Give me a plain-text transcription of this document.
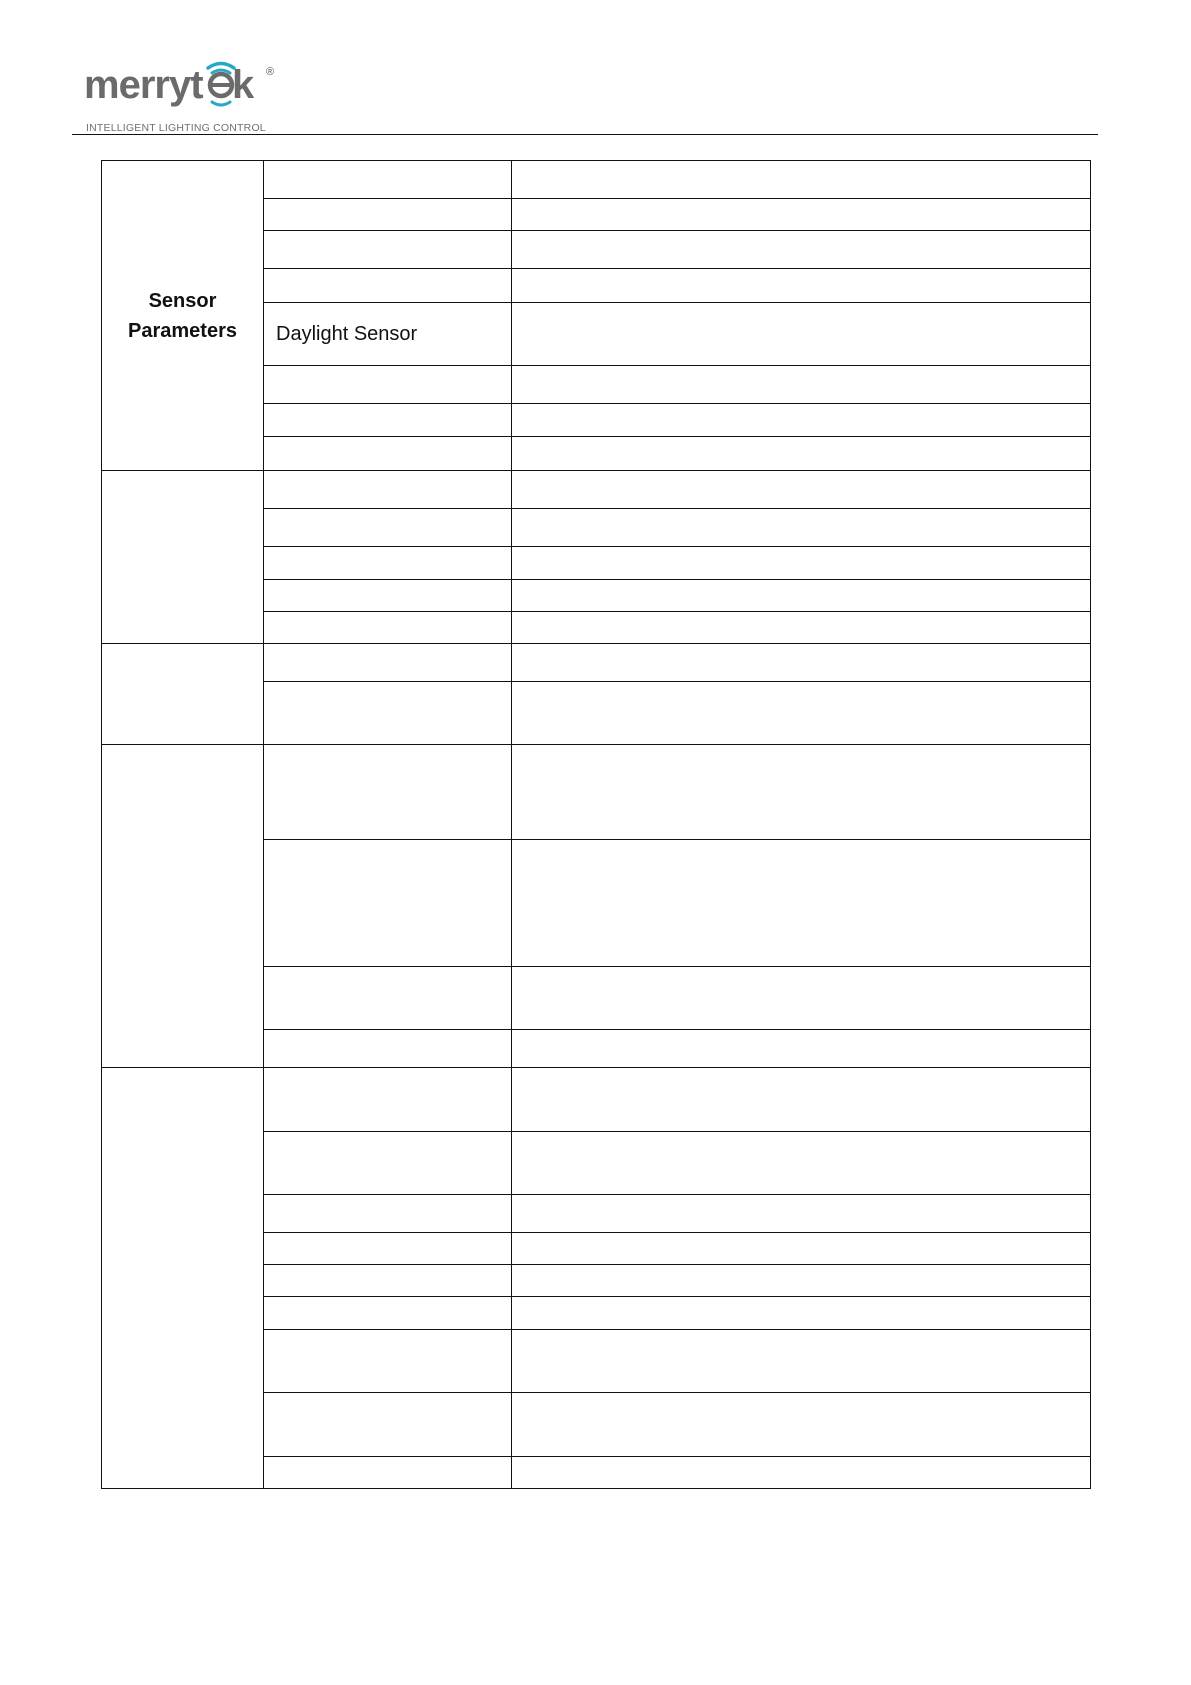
merryt k ®
INTELLIGENT LIGHTING CONTROL
Sensor
Parameters		

	Daylight Sensor	
